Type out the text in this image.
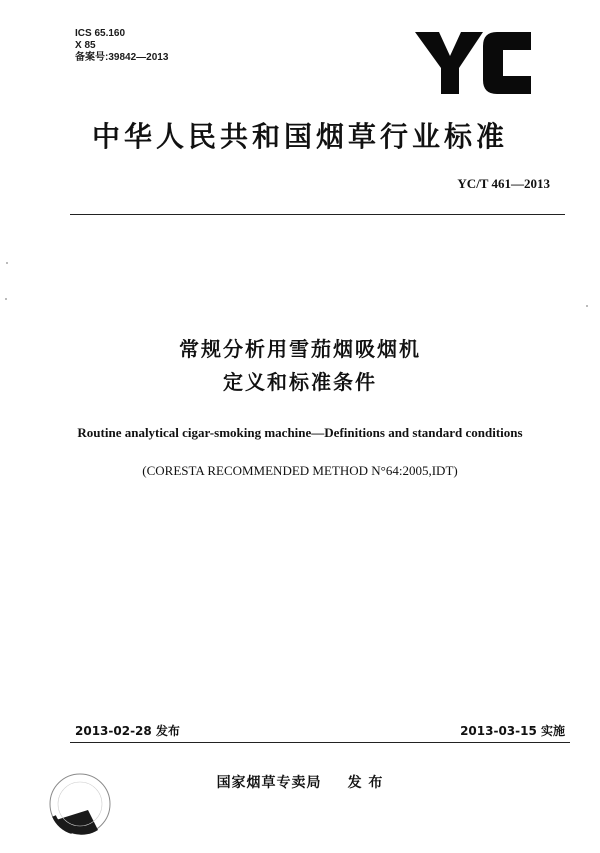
ICS 65.160
X 85
备案号:39842—2013
中华人民共和国烟草行业标准
YC/T 461—2013
常规分析用雪茄烟吸烟机
定义和标准条件
Routine analytical cigar-smoking machine—Definitions and standard conditions
(CORESTA RECOMMENDED METHOD N°64:2005,IDT)
2013-02-28 发布	2013-03-15 实施
国家烟草专卖局 发 布
